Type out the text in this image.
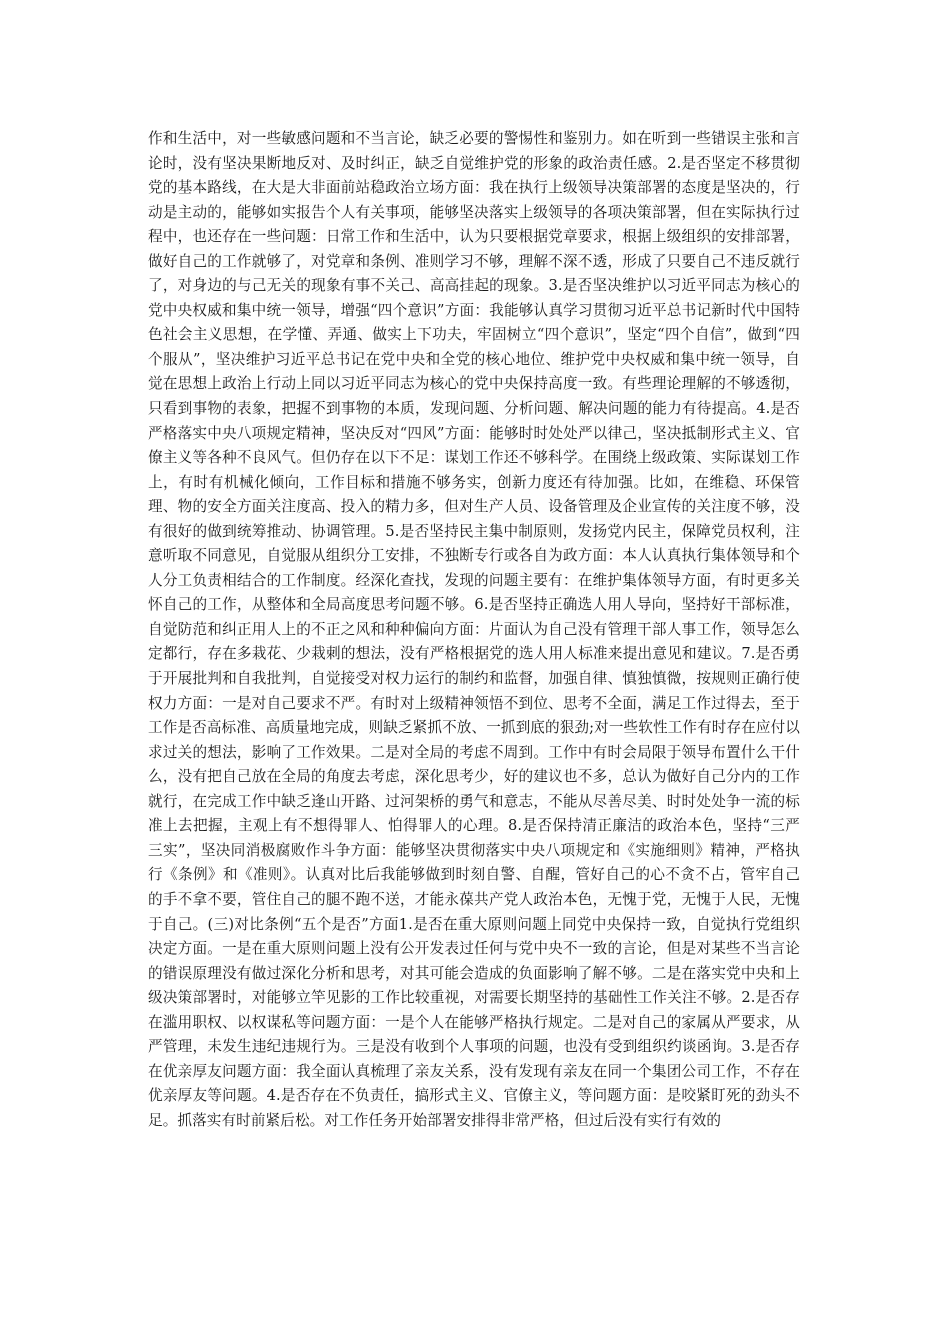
作和生活中，对一些敏感问题和不当言论，缺乏必要的警惕性和鉴别力。如在听到一些错误主张和言论时，没有坚决果断地反对、及时纠正，缺乏自觉维护党的形象的政治责任感。2.是否坚定不移贯彻党的基本路线，在大是大非面前站稳政治立场方面：我在执行上级领导决策部署的态度是坚决的，行动是主动的，能够如实报告个人有关事项，能够坚决落实上级领导的各项决策部署，但在实际执行过程中，也还存在一些问题：日常工作和生活中，认为只要根据党章要求，根据上级组织的安排部署，做好自己的工作就够了，对党章和条例、准则学习不够，理解不深不透，形成了只要自己不违反就行了，对身边的与己无关的现象有事不关己、高高挂起的现象。3.是否坚决维护以习近平同志为核心的党中央权威和集中统一领导，增强“四个意识”方面：我能够认真学习贯彻习近平总书记新时代中国特色社会主义思想，在学懂、弄通、做实上下功夫，牢固树立“四个意识”，坚定“四个自信”，做到“四个服从”，坚决维护习近平总书记在党中央和全党的核心地位、维护党中央权威和集中统一领导，自觉在思想上政治上行动上同以习近平同志为核心的党中央保持高度一致。有些理论理解的不够透彻，只看到事物的表象，把握不到事物的本质，发现问题、分析问题、解决问题的能力有待提高。4.是否严格落实中央八项规定精神，坚决反对“四风”方面：能够时时处处严以律己，坚决抵制形式主义、官僚主义等各种不良风气。但仍存在以下不足：谋划工作还不够科学。在围绕上级政策、实际谋划工作上，有时有机械化倾向，工作目标和措施不够务实，创新力度还有待加强。比如，在维稳、环保管理、物的安全方面关注度高、投入的精力多，但对生产人员、设备管理及企业宣传的关注度不够，没有很好的做到统筹推动、协调管理。5.是否坚持民主集中制原则，发扬党内民主，保障党员权利，注意听取不同意见，自觉服从组织分工安排，不独断专行或各自为政方面：本人认真执行集体领导和个人分工负责相结合的工作制度。经深化查找，发现的问题主要有：在维护集体领导方面，有时更多关怀自己的工作，从整体和全局高度思考问题不够。6.是否坚持正确选人用人导向，坚持好干部标准，自觉防范和纠正用人上的不正之风和种种偏向方面：片面认为自己没有管理干部人事工作，领导怎么定都行，存在多栽花、少栽刺的想法，没有严格根据党的选人用人标准来提出意见和建议。7.是否勇于开展批判和自我批判，自觉接受对权力运行的制约和监督，加强自律、慎独慎微，按规则正确行使权力方面：一是对自己要求不严。有时对上级精神领悟不到位、思考不全面，满足工作过得去，至于工作是否高标准、高质量地完成，则缺乏紧抓不放、一抓到底的狠劲;对一些软性工作有时存在应付以求过关的想法，影响了工作效果。二是对全局的考虑不周到。工作中有时会局限于领导布置什么干什么，没有把自己放在全局的角度去考虑，深化思考少，好的建议也不多，总认为做好自己分内的工作就行，在完成工作中缺乏逢山开路、过河架桥的勇气和意志，不能从尽善尽美、时时处处争一流的标准上去把握，主观上有不想得罪人、怕得罪人的心理。8.是否保持清正廉洁的政治本色，坚持“三严三实”，坚决同消极腐败作斗争方面：能够坚决贯彻落实中央八项规定和《实施细则》精神，严格执行《条例》和《准则》。认真对比后我能够做到时刻自警、自醒，管好自己的心不贪不占，管牢自己的手不拿不要，管住自己的腿不跑不送，才能永葆共产党人政治本色，无愧于党，无愧于人民，无愧于自己。(三)对比条例“五个是否”方面1.是否在重大原则问题上同党中央保持一致，自觉执行党组织决定方面。一是在重大原则问题上没有公开发表过任何与党中央不一致的言论，但是对某些不当言论的错误原理没有做过深化分析和思考，对其可能会造成的负面影响了解不够。二是在落实党中央和上级决策部署时，对能够立竿见影的工作比较重视，对需要长期坚持的基础性工作关注不够。2.是否存在滥用职权、以权谋私等问题方面：一是个人在能够严格执行规定。二是对自己的家属从严要求，从严管理，未发生违纪违规行为。三是没有收到个人事项的问题，也没有受到组织约谈函询。3.是否存在优亲厚友问题方面：我全面认真梳理了亲友关系，没有发现有亲友在同一个集团公司工作，不存在优亲厚友等问题。4.是否存在不负责任，搞形式主义、官僚主义，等问题方面：是咬紧盯死的劲头不足。抓落实有时前紧后松。对工作任务开始部署安排得非常严格，但过后没有实行有效的
